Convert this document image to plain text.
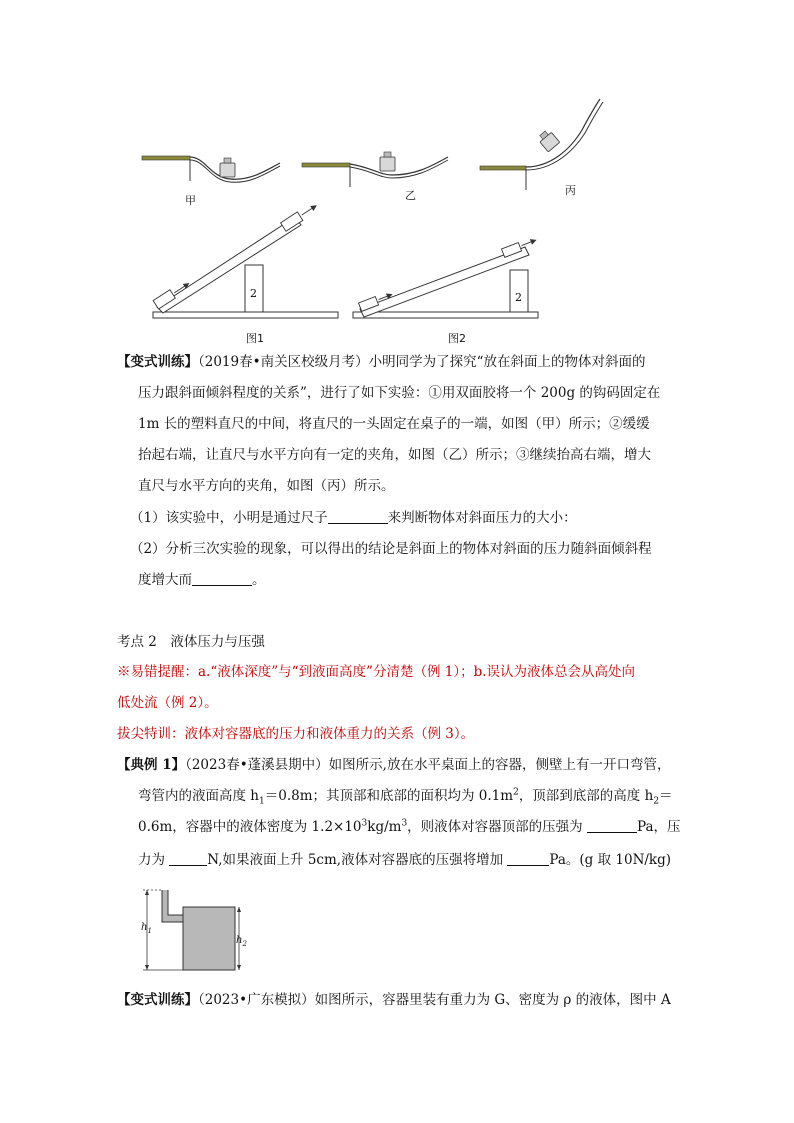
甲	乙	丙
2	2
图1	图2
【变式训练】（2019春•南关区校级月考）小明同学为了探究“放在斜面上的物体对斜面的
压力跟斜面倾斜程度的关系”，进行了如下实验：①用双面胶将一个 200g 的钩码固定在
1m 长的塑料直尺的中间，将直尺的一头固定在桌子的一端，如图（甲）所示；②缓缓
抬起右端，让直尺与水平方向有一定的夹角，如图（乙）所示；③继续抬高右端，增大
直尺与水平方向的夹角，如图（丙）所示。
（1）该实验中，小明是通过尺子	来判断物体对斜面压力的大小：
（2）分析三次实验的现象，可以得出的结论是斜面上的物体对斜面的压力随斜面倾斜程
度增大而	。
考点 2　液体压力与压强
※易错提醒：a.“液体深度”与“到液面高度”分清楚（例 1）；b.误认为液体总会从高处向
低处流（例 2）。
拔尖特训：液体对容器底的压力和液体重力的关系（例 3）。
【典例 1】（2023春•蓬溪县期中）如图所示,放在水平桌面上的容器，侧壁上有一开口弯管，
弯管内的液面高度 $h_1=0.8m$；其顶部和底部的面积均为 $0.1m^2$，顶部到底部的高度 $h_2=$
0.6m，容器中的液体密度为 $1.2\times 10^3kg/m^3$，则液体对容器顶部的压强为	Pa，压
力为	N,如果液面上升 5cm,液体对容器底的压强将增加	Pa。(g 取 10N/kg)
$h_1$
$h_2$
【变式训练】（2023•广东模拟）如图所示，容器里装有重力为 G、密度为 ρ 的液体，图中 A
